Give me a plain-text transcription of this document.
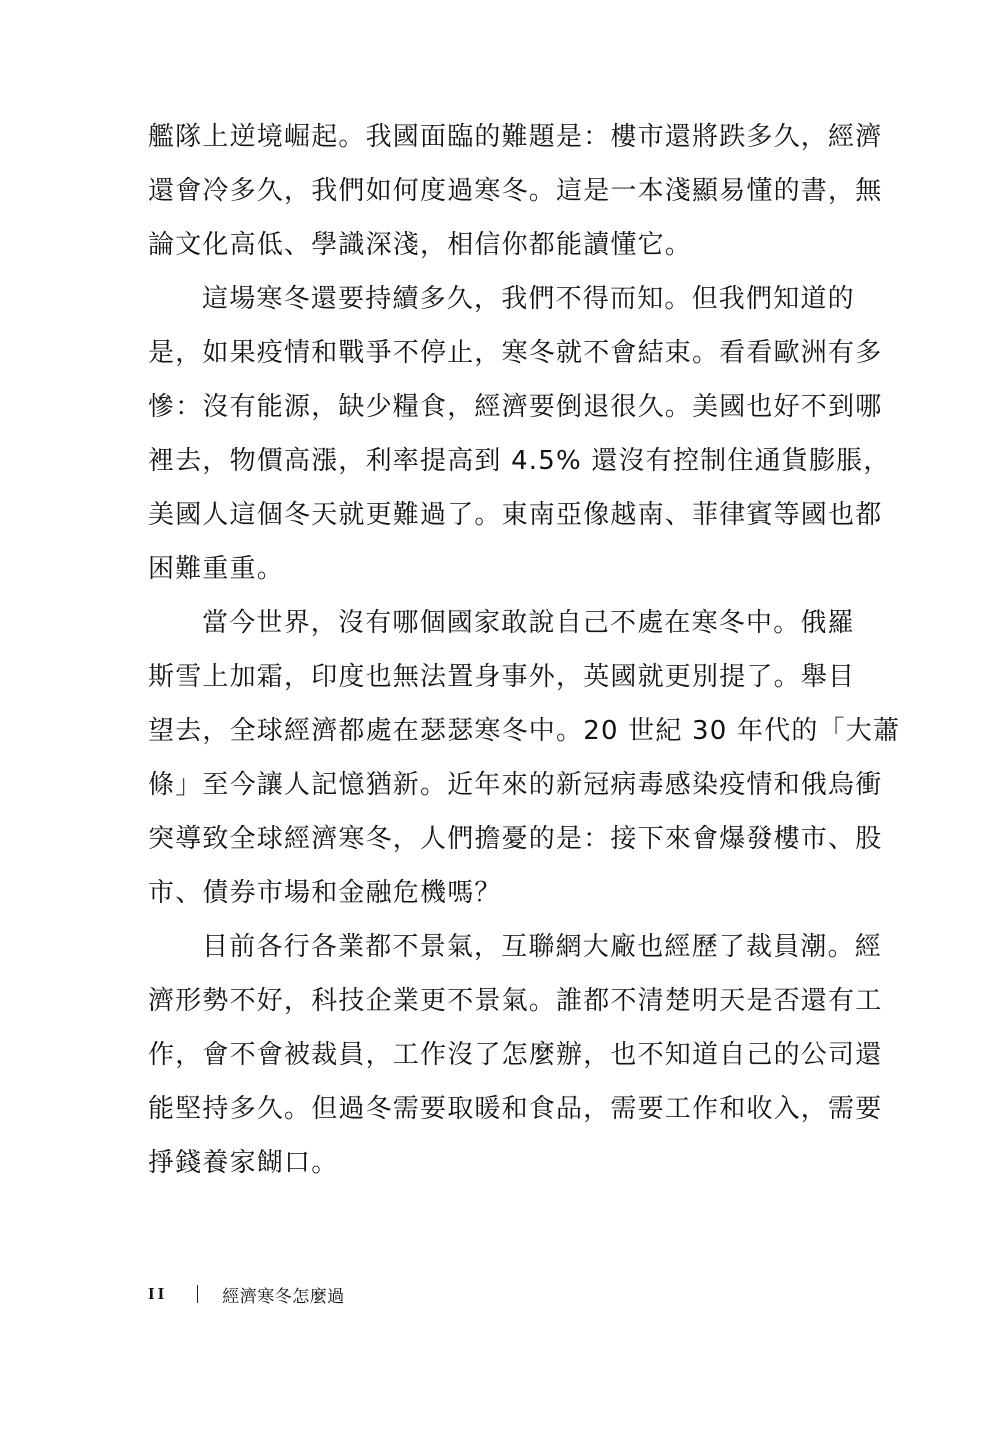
艦隊上逆境崛起。我國面臨的難題是：樓市還將跌多久，經濟
還會冷多久，我們如何度過寒冬。這是一本淺顯易懂的書，無
論文化高低、學識深淺，相信你都能讀懂它。
這場寒冬還要持續多久，我們不得而知。但我們知道的
是，如果疫情和戰爭不停止，寒冬就不會結束。看看歐洲有多
慘：沒有能源，缺少糧食，經濟要倒退很久。美國也好不到哪
裡去，物價高漲，利率提高到 4.5% 還沒有控制住通貨膨脹，
美國人這個冬天就更難過了。東南亞像越南、菲律賓等國也都
困難重重。
當今世界，沒有哪個國家敢說自己不處在寒冬中。俄羅
斯雪上加霜，印度也無法置身事外，英國就更別提了。舉目
望去，全球經濟都處在瑟瑟寒冬中。20 世紀 30 年代的「大蕭
條」至今讓人記憶猶新。近年來的新冠病毒感染疫情和俄烏衝
突導致全球經濟寒冬，人們擔憂的是：接下來會爆發樓市、股
市、債券市場和金融危機嗎？
目前各行各業都不景氣，互聯網大廠也經歷了裁員潮。經
濟形勢不好，科技企業更不景氣。誰都不清楚明天是否還有工
作，會不會被裁員，工作沒了怎麼辦，也不知道自己的公司還
能堅持多久。但過冬需要取暖和食品，需要工作和收入，需要
掙錢養家餬口。
II	經濟寒冬怎麼過
